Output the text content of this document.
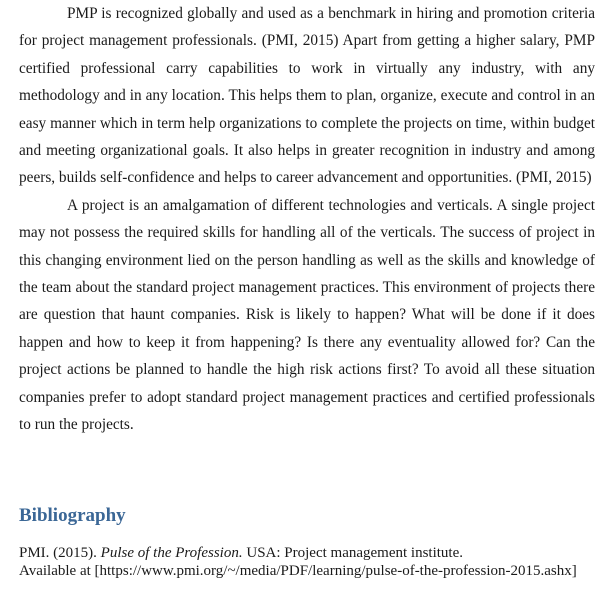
PMP is recognized globally and used as a benchmark in hiring and promotion criteria for project management professionals. (PMI, 2015) Apart from getting a higher salary, PMP certified professional carry capabilities to work in virtually any industry, with any methodology and in any location. This helps them to plan, organize, execute and control in an easy manner which in term help organizations to complete the projects on time, within budget and meeting organizational goals. It also helps in greater recognition in industry and among peers, builds self-confidence and helps to career advancement and opportunities. (PMI, 2015)

A project is an amalgamation of different technologies and verticals. A single project may not possess the required skills for handling all of the verticals. The success of project in this changing environment lied on the person handling as well as the skills and knowledge of the team about the standard project management practices. This environment of projects there are question that haunt companies. Risk is likely to happen? What will be done if it does happen and how to keep it from happening? Is there any eventuality allowed for? Can the project actions be planned to handle the high risk actions first? To avoid all these situation companies prefer to adopt standard project management practices and certified professionals to run the projects.

Bibliography

PMI. (2015). Pulse of the Profession. USA: Project management institute.
Available at [https://www.pmi.org/~/media/PDF/learning/pulse-of-the-profession-2015.ashx]
